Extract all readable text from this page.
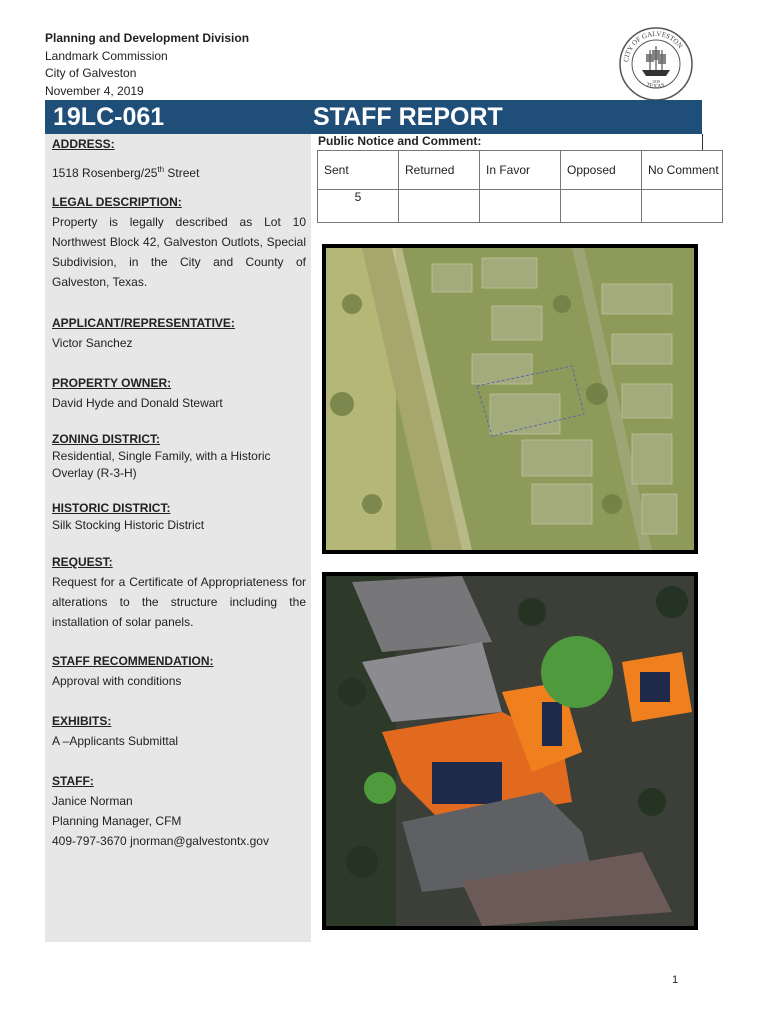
Planning and Development Division
Landmark Commission
City of Galveston
November 4, 2019
CITY OF GALVESTON
TEXAS
1839
19LC-061	STAFF REPORT
ADDRESS:
1518 Rosenberg/25th Street
LEGAL DESCRIPTION:
Property is legally described as Lot 10 Northwest Block 42, Galveston Outlots, Special Subdivision, in the City and County of Galveston, Texas.
APPLICANT/REPRESENTATIVE:
Victor Sanchez
PROPERTY OWNER:
David Hyde and Donald Stewart
ZONING DISTRICT:
Residential, Single Family, with a Historic Overlay (R-3-H)
HISTORIC DISTRICT:
Silk Stocking Historic District
REQUEST:
Request for a Certificate of Appropriateness for alterations to the structure including the installation of solar panels.
STAFF RECOMMENDATION:
Approval with conditions
EXHIBITS:
A –Applicants Submittal
STAFF:
Janice Norman
Planning Manager, CFM
409-797-3670 jnorman@galvestontx.gov
Public Notice and Comment:
Sent	Returned	In Favor	Opposed	No Comment
5				
1
